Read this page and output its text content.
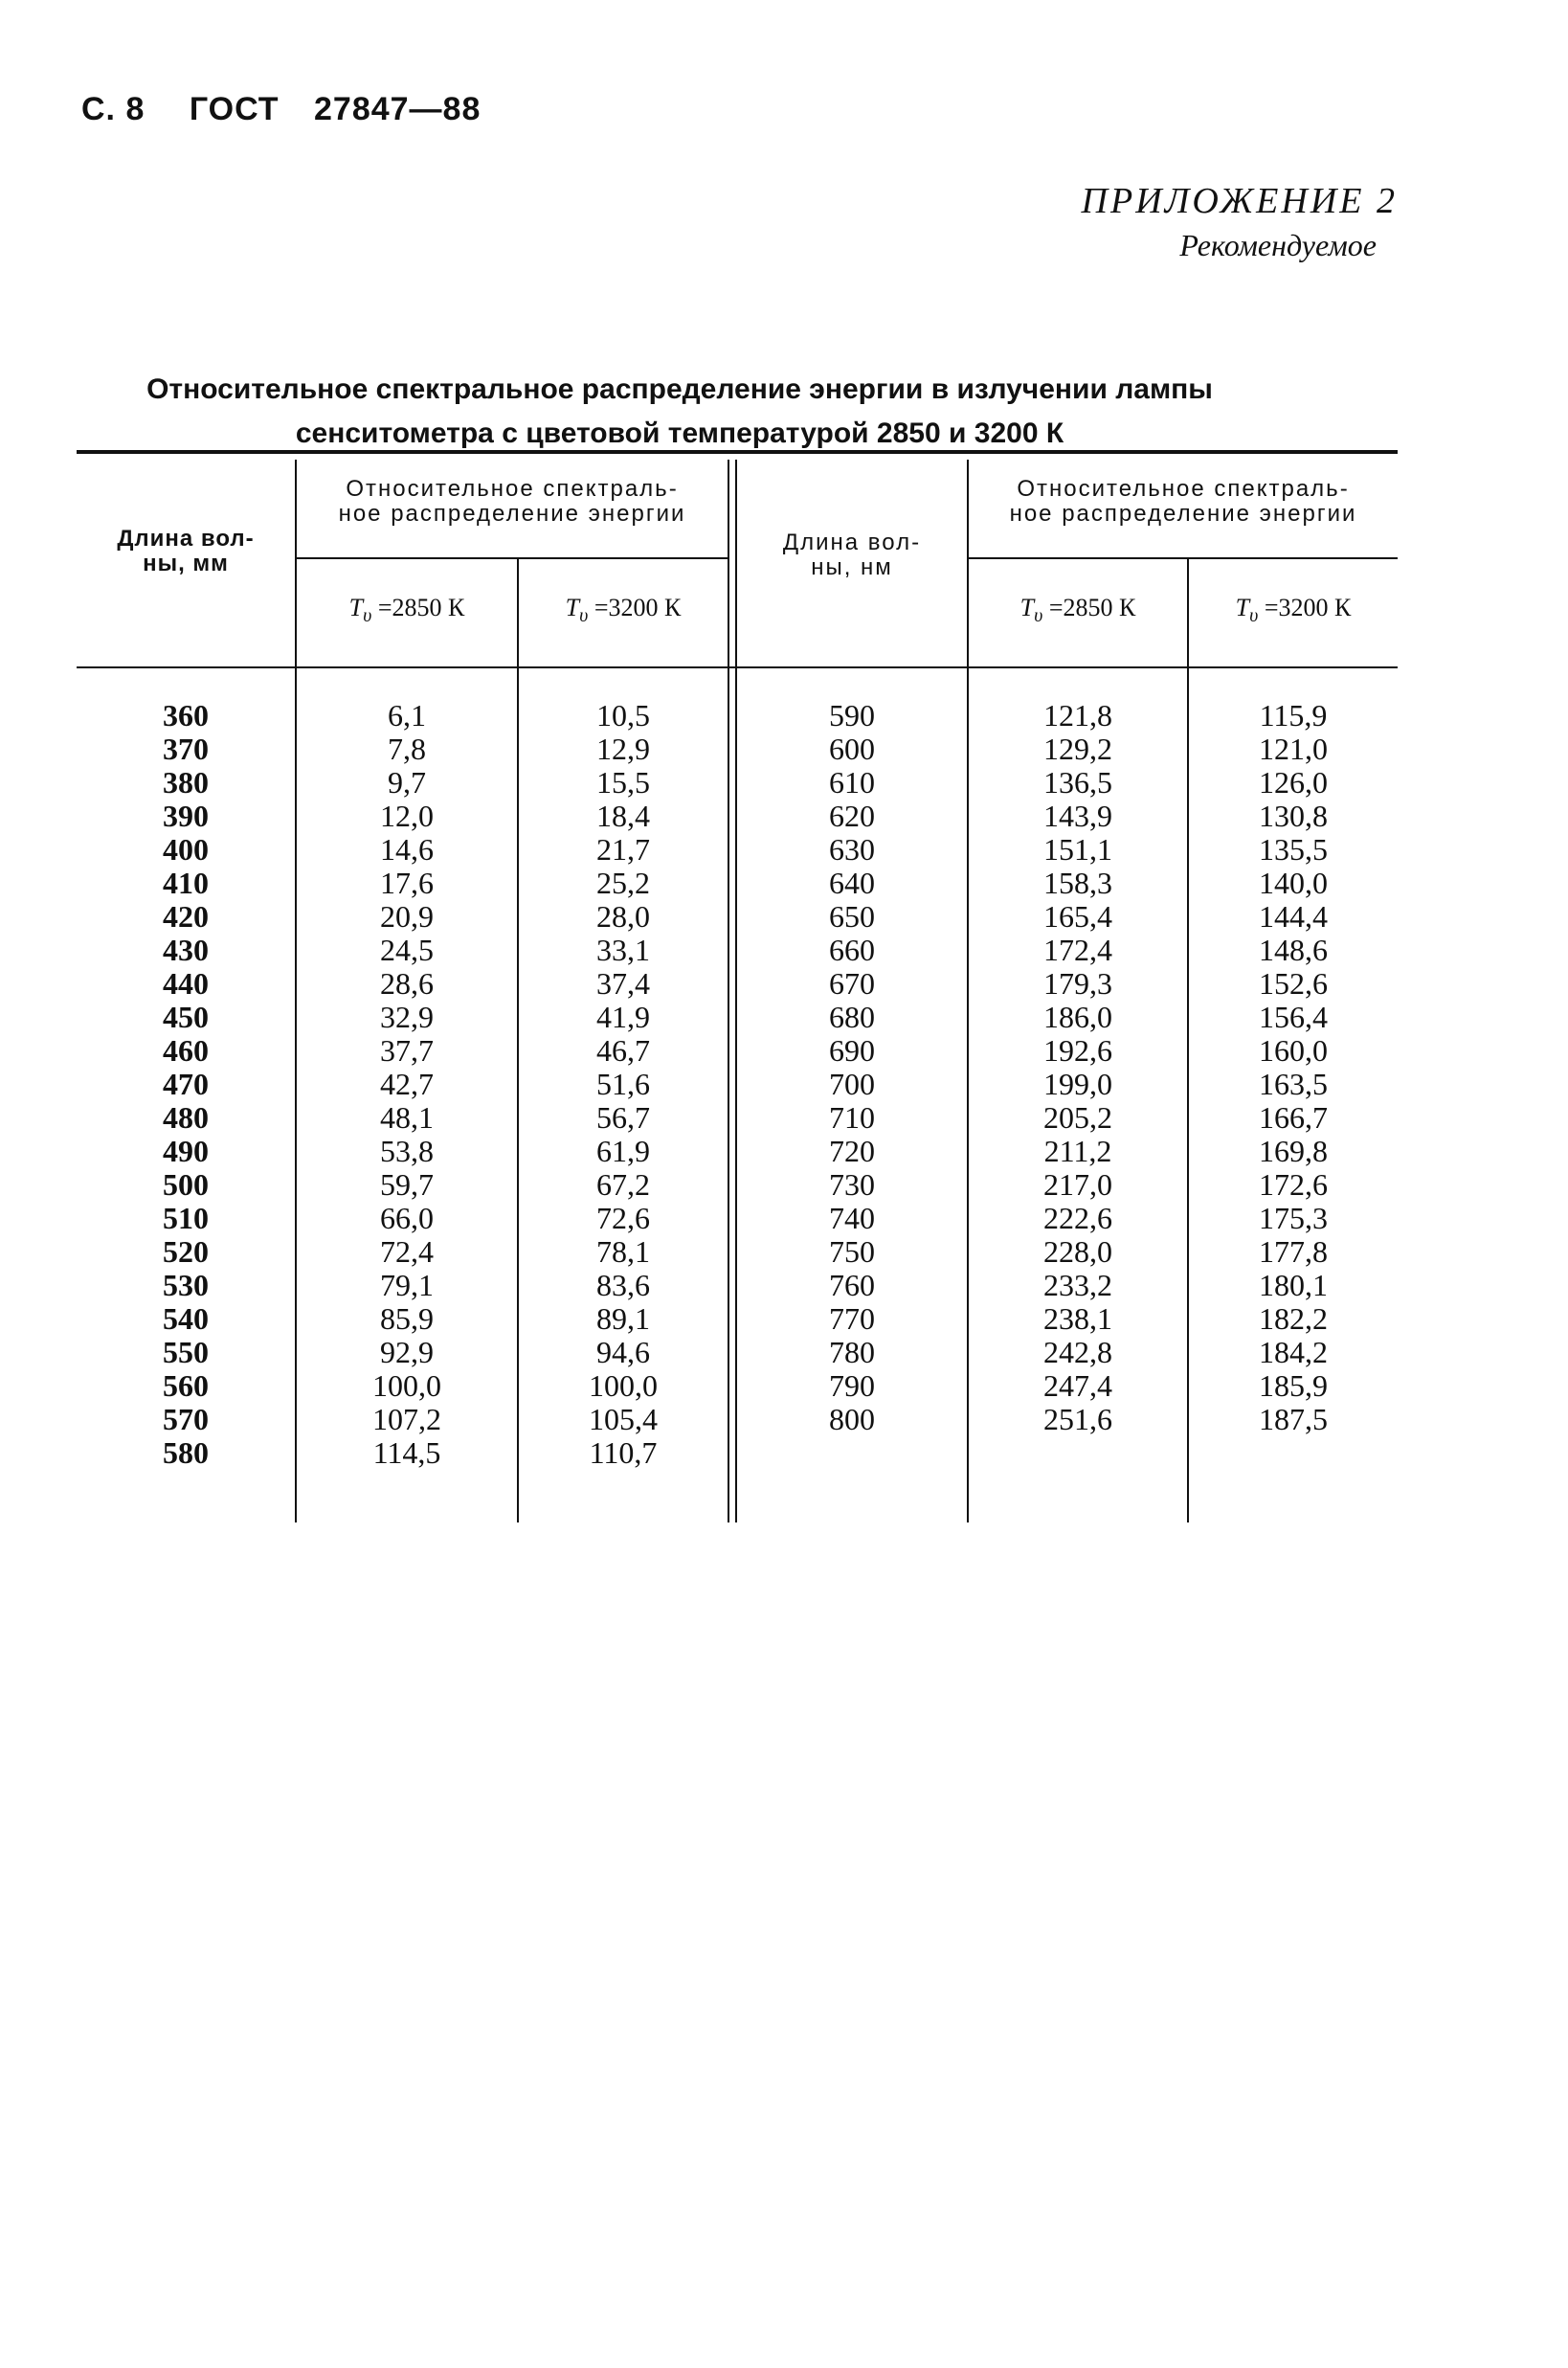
С. 8 ГОСТ 27847—88
ПРИЛОЖЕНИЕ 2
Рекомендуемое
Относительное спектральное распределение энергии в излучении лампы
сенситометра с цветовой температурой 2850 и 3200 К
Длина вол-
ны, мм
Относительное спектраль-
ное распределение энергии
$T_\upsilon =2850$ К	$T_\upsilon =3200$ К
Длина вол-
ны, нм
Относительное спектраль-
ное распределение энергии
$T_\upsilon =2850$ К	$T_\upsilon =3200$ К
360
370
380
390
400
410
420
430
440
450
460
470
480
490
500
510
520
530
540
550
560
570
580
6,1
7,8
9,7
12,0
14,6
17,6
20,9
24,5
28,6
32,9
37,7
42,7
48,1
53,8
59,7
66,0
72,4
79,1
85,9
92,9
100,0
107,2
114,5
10,5
12,9
15,5
18,4
21,7
25,2
28,0
33,1
37,4
41,9
46,7
51,6
56,7
61,9
67,2
72,6
78,1
83,6
89,1
94,6
100,0
105,4
110,7
590
600
610
620
630
640
650
660
670
680
690
700
710
720
730
740
750
760
770
780
790
800
121,8
129,2
136,5
143,9
151,1
158,3
165,4
172,4
179,3
186,0
192,6
199,0
205,2
211,2
217,0
222,6
228,0
233,2
238,1
242,8
247,4
251,6
115,9
121,0
126,0
130,8
135,5
140,0
144,4
148,6
152,6
156,4
160,0
163,5
166,7
169,8
172,6
175,3
177,8
180,1
182,2
184,2
185,9
187,5
